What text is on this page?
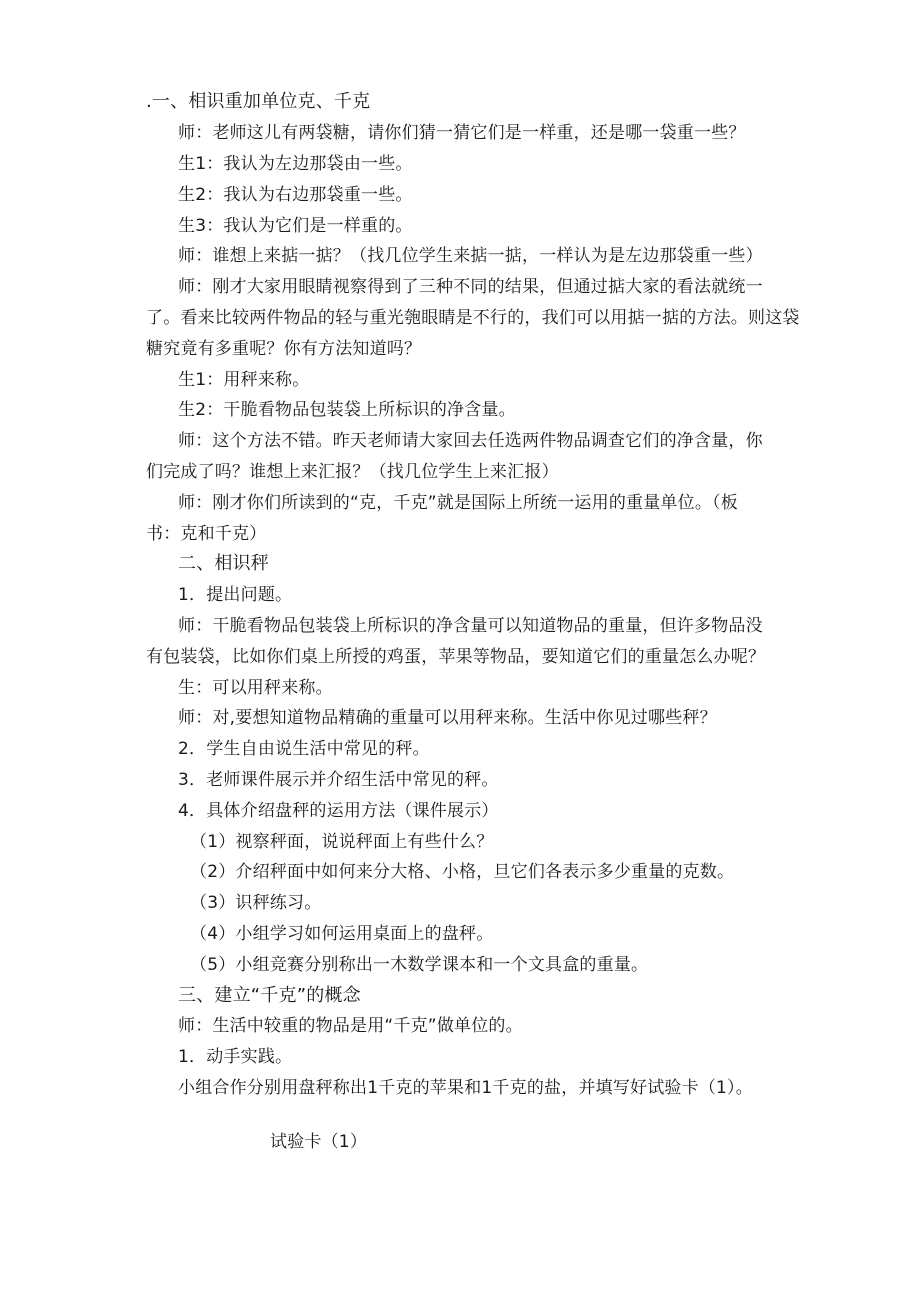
.一、相识重加单位克、千克
师：老师这儿有两袋糖，请你们猜一猜它们是一样重，还是哪一袋重一些？
生1：我认为左边那袋由一些。
生2：我认为右边那袋重一些。
生3：我认为它们是一样重的。
师：谁想上来掂一掂？（找几位学生来掂一掂，一样认为是左边那袋重一些）
师：刚才大家用眼睛视察得到了三种不同的结果，但通过掂大家的看法就统一
了。看来比较两件物品的轻与重光匏眼睛是不行的，我们可以用掂一掂的方法。则这袋
糖究竟有多重呢？你有方法知道吗？
生1：用秤来称。
生2：干脆看物品包装袋上所标识的净含量。
师：这个方法不错。昨天老师请大家回去任选两件物品调查它们的净含量，你
们完成了吗？谁想上来汇报？（找几位学生上来汇报）
师：刚才你们所读到的“克，千克”就是国际上所统一运用的重量单位。（板
书：克和千克）
二、相识秤
1．提出问题。
师：干脆看物品包装袋上所标识的净含量可以知道物品的重量，但许多物品没
有包装袋，比如你们桌上所授的鸡蛋，苹果等物品，要知道它们的重量怎么办呢？
生：可以用秤来称。
师：对,要想知道物品精确的重量可以用秤来称。生活中你见过哪些秤？
2．学生自由说生活中常见的秤。
3．老师课件展示并介绍生活中常见的秤。
4．具体介绍盘秤的运用方法（课件展示）
（1）视察秤面，说说秤面上有些什么？
（2）介绍秤面中如何来分大格、小格，旦它们各表示多少重量的克数。
（3）识秤练习。
（4）小组学习如何运用桌面上的盘秤。
（5）小组竞赛分别称出一木数学课本和一个文具盒的重量。
三、建立“千克”的概念
师：生活中较重的物品是用“千克”做单位的。
1．动手实践。
小组合作分别用盘秤称出1千克的苹果和1千克的盐，并填写好试验卡（1）。
试验卡（1）
